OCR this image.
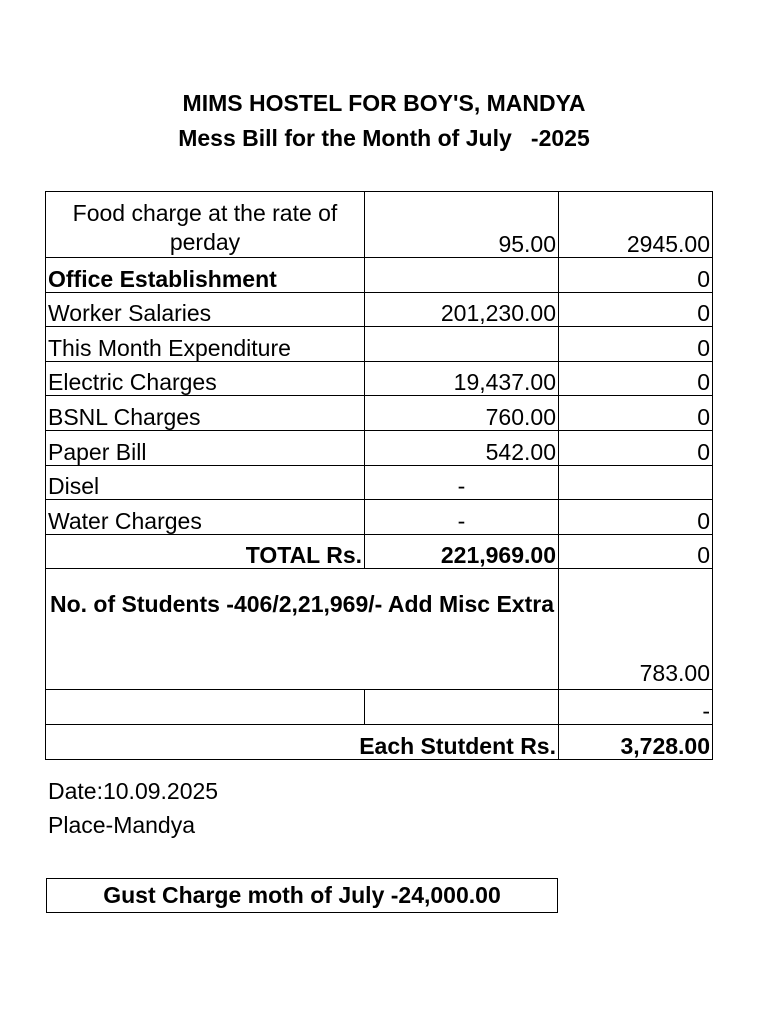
MIMS HOSTEL FOR BOY'S, MANDYA
Mess Bill for the Month of July   -2025
Food charge at the rate of perday	95.00	2945.00
Office Establishment		0
Worker Salaries	201,230.00	0
This Month Expenditure		0
Electric Charges	19,437.00	0
BSNL Charges	760.00	0
Paper Bill	542.00	0
Disel	-	
Water Charges	-	0
TOTAL Rs.	221,969.00	0
No. of Students -406/2,21,969/- Add Misc Extra		783.00
		-
Each Stutdent Rs.		3,728.00
Date:10.09.2025
Place-Mandya
Gust Charge moth of July -24,000.00
